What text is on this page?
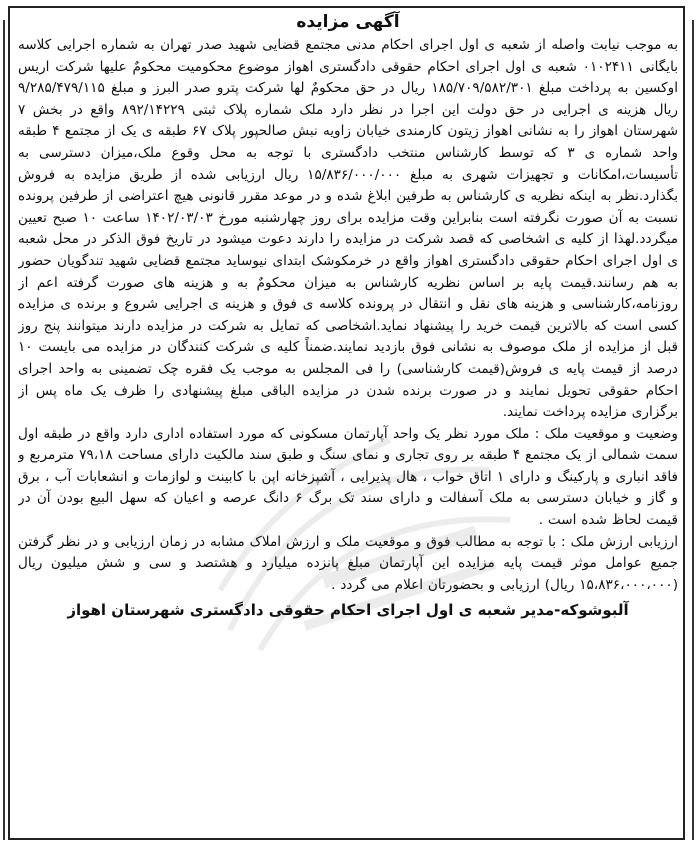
آگهی مزایده

به موجب نیابت واصله از شعبه ی اول اجرای احکام مدنی مجتمع قضایی شهید صدر تهران به شماره اجرایی کلاسه بایگانی ۰۱۰۲۴۱۱ شعبه ی اول اجرای احکام حقوقی دادگستری اهواز موضوع محکومیت محکومٌ علیها شرکت اریس اوکسین به پرداخت مبلغ ۱۸۵/۷۰۹/۵۸۲/۳۰۱ ریال در حق محکومٌ لها شرکت پترو صدر البرز و مبلغ ۹/۲۸۵/۴۷۹/۱۱۵ ریال هزینه ی اجرایی در حق دولت این اجرا در نظر دارد ملک شماره پلاک ثبتی ۸۹۲/۱۴۲۲۹ واقع در بخش ۷ شهرستان اهواز را به نشانی اهواز زیتون کارمندی خیابان زاویه نبش صالحپور پلاک ۶۷ طبقه ی یک از مجتمع ۴ طبقه واحد شماره ی ۳ که توسط کارشناس منتخب دادگستری با توجه به محل وقوع ملک،میزان دسترسی به تأسیسات،امکانات و تجهیزات شهری به مبلغ ۱۵/۸۳۶/۰۰۰/۰۰۰ ریال ارزیابی شده از طریق مزایده به فروش بگذارد.نظر به اینکه نظریه ی کارشناس به طرفین ابلاغ شده و در موعد مقرر قانونی هیچ اعتراضی از طرفین پرونده نسبت به آن صورت نگرفته است بنابراین وقت مزایده برای روز چهارشنبه مورخ ۱۴۰۲/۰۳/۰۳ ساعت ۱۰ صبح تعیین میگردد.لهذا از کلیه ی اشخاصی که قصد شرکت در مزایده را دارند دعوت میشود در تاریخ فوق الذکر در محل شعبه ی اول اجرای احکام حقوقی دادگستری اهواز واقع در خرمکوشک ابتدای نیوساید مجتمع قضایی شهید تندگویان حضور به هم رسانند.قیمت پایه بر اساس نظریه کارشناس به میزان محکومٌ به و هزینه های صورت گرفته اعم از روزنامه،کارشناسی و هزینه های نقل و انتقال در پرونده کلاسه ی فوق و هزینه ی اجرایی شروع و برنده ی مزایده کسی است که بالاترین قیمت خرید را پیشنهاد نماید.اشخاصی که تمایل به شرکت در مزایده دارند میتوانند پنج روز قبل از مزایده از ملک موصوف به نشانی فوق بازدید نمایند.ضمناً کلیه ی شرکت کنندگان در مزایده می بایست ۱۰ درصد از قیمت پایه ی فروش(قیمت کارشناسی) را فی المجلس به موجب یک فقره چک تضمینی به واحد اجرای احکام حقوقی تحویل نمایند و در صورت برنده شدن در مزایده الباقی مبلغ پیشنهادی را ظرف یک ماه پس از برگزاری مزایده پرداخت نمایند.

وضعیت و موقعیت ملک : ملک مورد نظر یک واحد آپارتمان مسکونی که مورد استفاده اداری دارد واقع در طبقه اول سمت شمالی از یک مجتمع ۴ طبقه بر روی تجاری و نمای سنگ و طبق سند مالکیت دارای مساحت ۷۹،۱۸ مترمربع و فاقد انباری و پارکینگ و دارای ۱ اتاق خواب ، هال پذیرایی ، آشپزخانه اپن با کابینت و لوازمات و انشعابات آب ، برق و گاز و خیابان دسترسی به ملک آسفالت و دارای سند تک برگ ۶ دانگ عرصه و اعیان که سهل البیع بودن آن در قیمت لحاظ شده است .

ارزیابی ارزش ملک : با توجه به مطالب فوق و موقعیت ملک و ارزش املاک مشابه در زمان ارزیابی و در نظر گرفتن جمیع عوامل موثر قیمت پایه مزایده این آپارتمان مبلغ پانزده میلیارد و هشتصد و سی و شش میلیون ریال (۱۵،۸۳۶،۰۰۰،۰۰۰ ریال) ارزیابی و بحضورتان اعلام می گردد .

آلبوشوکه-مدیر شعبه ی اول اجرای احکام حقوقی دادگستری شهرستان اهواز
